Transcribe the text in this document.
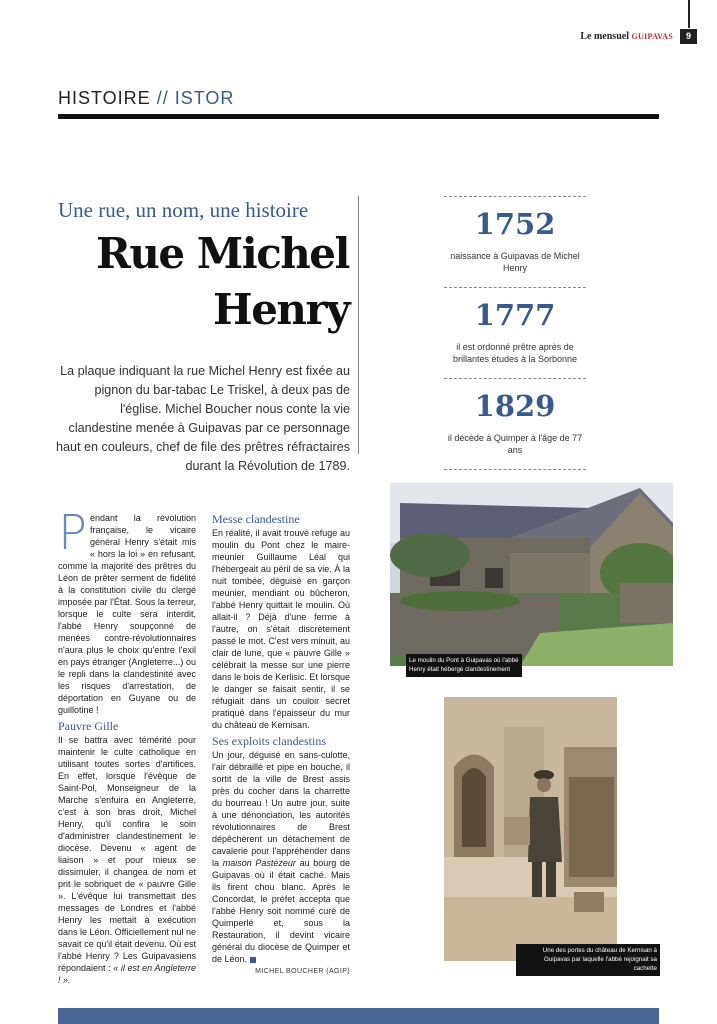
Le mensuel GUIPAVAS	9
HISTOIRE // ISTOR
Une rue, un nom, une histoire
Rue Michel
Henry
La plaque indiquant la rue Michel Henry est fixée au pignon du bar-tabac Le Triskel, à deux pas de l'église. Michel Boucher nous conte la vie clandestine menée à Guipavas par ce personnage haut en couleurs, chef de file des prêtres réfractaires durant la Révolution de 1789.
1752
naissance à Guipavas de Michel Henry
1777
il est ordonné prêtre après de brillantes études à la Sorbonne
1829
il décède à Quimper à l'âge de 77 ans

Pendant la révolution française, le vicaire général Henry s'était mis « hors la loi » en refusant, comme la majorité des prêtres du Léon de prêter serment de fidélité à la constitution civile du clergé imposée par l'État. Sous la terreur, lorsque le culte sera interdit, l'abbé Henry soupçonné de menées contre-révolutionnaires n'aura plus le choix qu'entre l'exil en pays étranger (Angleterre...) ou le repli dans la clandestinité avec les risques d'arrestation, de déportation en Guyane ou de guillotine !

Pauvre Gille

Il se battra avec témérité pour maintenir le culte catholique en utilisant toutes sortes d'artifices. En effet, lorsque l'évêque de Saint-Pol, Monseigneur de la Marche s'enfuira en Angleterre, c'est à son bras droit, Michel Henry, qu'il confira le soin d'administrer clandestinement le diocèse. Devenu « agent de liaison » et pour mieux se dissimuler, il changea de nom et prit le sobriquet de « pauvre Gille ». L'évêque lui transmettait des messages de Londres et l'abbé Henry les mettait à exécution dans le Léon. Officiellement nul ne savait ce qu'il était devenu. Où est l'abbé Henry ? Les Guipavasiens répondaient : « il est en Angleterre ! ».

Messe clandestine

En réalité, il avait trouvé refuge au moulin du Pont chez le maire-meunier Guillaume Léal qui l'hébergeait au péril de sa vie. À la nuit tombée, déguisé en garçon meunier, mendiant ou bûcheron, l'abbé Henry quittait le moulin. Où allait-il ? Déjà d'une ferme à l'autre, on s'était discrètement passé le mot. C'est vers minuit, au clair de lune, que « pauvre Gille » célébrait la messe sur une pierre dans le bois de Kerlisic. Et lorsque le danger se faisait sentir, il se réfugiait dans un couloir secret pratiqué dans l'épaisseur du mur du château de Kernisan.

Ses exploits clandestins

Un jour, déguisé en sans-culotte, l'air débraillé et pipe en bouche, il sortit de la ville de Brest assis près du cocher dans la charrette du bourreau ! Un autre jour, suite à une dénonciation, les autorités révolutionnaires de Brest dépêchèrent un détachement de cavalerie pour l'appréhender dans la maison Pastézeur au bourg de Guipavas où il était caché. Mais ils firent chou blanc. Après le Concordat, le préfet accepta que l'abbé Henry soit nommé curé de Quimperlé et, sous la Restauration, il devint vicaire général du diocèse de Quimper et de Léon.

MICHEL BOUCHER (AGIP)
Le moulin du Pont à Guipavas où l'abbé Henry était hébergé clandestinement
Une des portes du château de Kernisan à Guipavas par laquelle l'abbé rejoignait sa cachette
